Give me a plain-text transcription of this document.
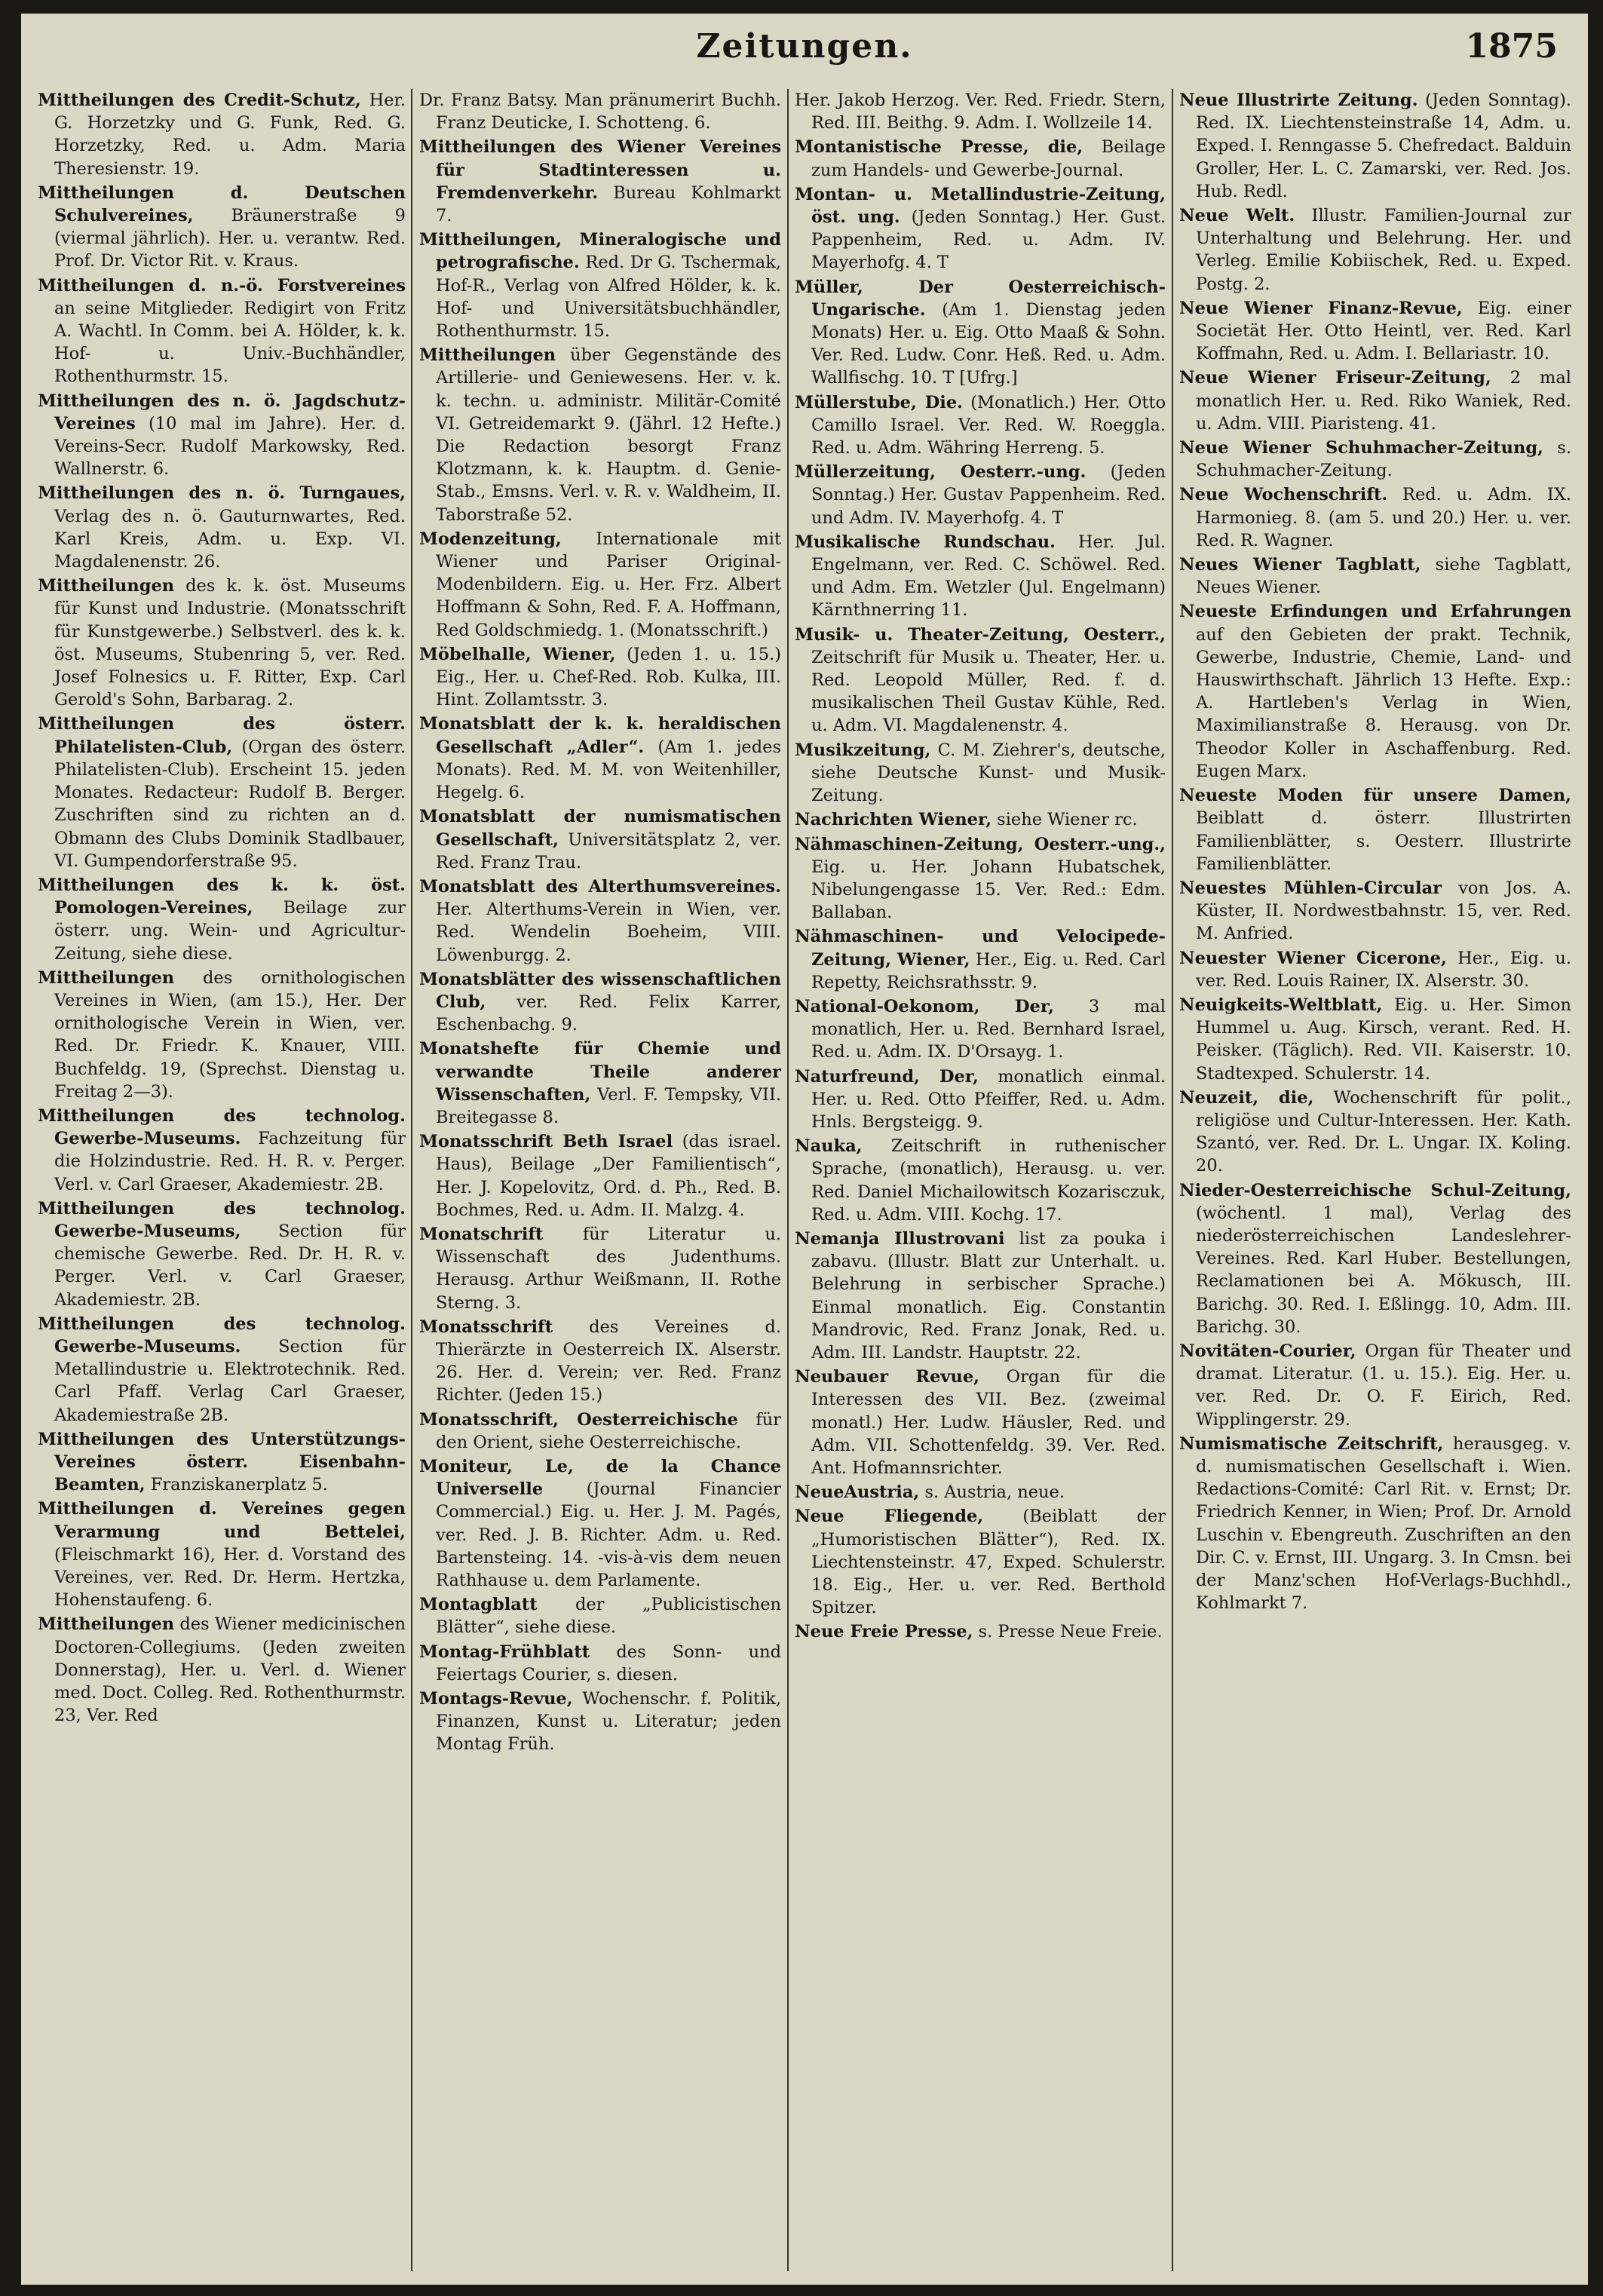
Zeitungen.	1875

Mittheilungen des Credit-Schutz, Her. G. Horzetzky und G. Funk, Red. G. Horzetzky, Red. u. Adm. Maria Theresienstr. 19.

Mittheilungen d. Deutschen Schulvereines, Bräunerstraße 9 (viermal jährlich). Her. u. verantw. Red. Prof. Dr. Victor Rit. v. Kraus.

Mittheilungen d. n.-ö. Forstvereines an seine Mitglieder. Redigirt von Fritz A. Wachtl. In Comm. bei A. Hölder, k. k. Hof- u. Univ.-Buchhändler, Rothenthurmstr. 15.

Mittheilungen des n. ö. Jagdschutz-Vereines (10 mal im Jahre). Her. d. Vereins-Secr. Rudolf Markowsky, Red. Wallnerstr. 6.

Mittheilungen des n. ö. Turngaues, Verlag des n. ö. Gauturnwartes, Red. Karl Kreis, Adm. u. Exp. VI. Magdalenenstr. 26.

Mittheilungen des k. k. öst. Museums für Kunst und Industrie. (Monatsschrift für Kunstgewerbe.) Selbstverl. des k. k. öst. Museums, Stubenring 5, ver. Red. Josef Folnesics u. F. Ritter, Exp. Carl Gerold's Sohn, Barbarag. 2.

Mittheilungen des österr. Philatelisten-Club, (Organ des österr. Philatelisten-Club). Erscheint 15. jeden Monates. Redacteur: Rudolf B. Berger. Zuschriften sind zu richten an d. Obmann des Clubs Dominik Stadlbauer, VI. Gumpendorferstraße 95.

Mittheilungen des k. k. öst. Pomologen-Vereines, Beilage zur österr. ung. Wein- und Agricultur-Zeitung, siehe diese.

Mittheilungen des ornithologischen Vereines in Wien, (am 15.), Her. Der ornithologische Verein in Wien, ver. Red. Dr. Friedr. K. Knauer, VIII. Buchfeldg. 19, (Sprechst. Dienstag u. Freitag 2—3).

Mittheilungen des technolog. Gewerbe-Museums. Fachzeitung für die Holzindustrie. Red. H. R. v. Perger. Verl. v. Carl Graeser, Akademiestr. 2B.

Mittheilungen des technolog. Gewerbe-Museums, Section für chemische Gewerbe. Red. Dr. H. R. v. Perger. Verl. v. Carl Graeser, Akademiestr. 2B.

Mittheilungen des technolog. Gewerbe-Museums. Section für Metallindustrie u. Elektrotechnik. Red. Carl Pfaff. Verlag Carl Graeser, Akademiestraße 2B.

Mittheilungen des Unterstützungs-Vereines österr. Eisenbahn-Beamten, Franziskanerplatz 5.

Mittheilungen d. Vereines gegen Verarmung und Bettelei, (Fleischmarkt 16), Her. d. Vorstand des Vereines, ver. Red. Dr. Herm. Hertzka, Hohenstaufeng. 6.

Mittheilungen des Wiener medicinischen Doctoren-Collegiums. (Jeden zweiten Donnerstag), Her. u. Verl. d. Wiener med. Doct. Colleg. Red. Rothenthurmstr. 23, Ver. Red

Dr. Franz Batsy. Man pränumerirt Buchh. Franz Deuticke, I. Schotteng. 6.

Mittheilungen des Wiener Vereines für Stadtinteressen u. Fremdenverkehr. Bureau Kohlmarkt 7.

Mittheilungen, Mineralogische und petrografische. Red. Dr G. Tschermak, Hof-R., Verlag von Alfred Hölder, k. k. Hof- und Universitätsbuchhändler, Rothenthurmstr. 15.

Mittheilungen über Gegenstände des Artillerie- und Geniewesens. Her. v. k. k. techn. u. administr. Militär-Comité VI. Getreidemarkt 9. (Jährl. 12 Hefte.) Die Redaction besorgt Franz Klotzmann, k. k. Hauptm. d. Genie-Stab., Emsns. Verl. v. R. v. Waldheim, II. Taborstraße 52.

Modenzeitung, Internationale mit Wiener und Pariser Original-Modenbildern. Eig. u. Her. Frz. Albert Hoffmann & Sohn, Red. F. A. Hoffmann, Red Goldschmiedg. 1. (Monatsschrift.)

Möbelhalle, Wiener, (Jeden 1. u. 15.) Eig., Her. u. Chef-Red. Rob. Kulka, III. Hint. Zollamtsstr. 3.

Monatsblatt der k. k. heraldischen Gesellschaft „Adler“. (Am 1. jedes Monats). Red. M. M. von Weitenhiller, Hegelg. 6.

Monatsblatt der numismatischen Gesellschaft, Universitätsplatz 2, ver. Red. Franz Trau.

Monatsblatt des Alterthumsvereines. Her. Alterthums-Verein in Wien, ver. Red. Wendelin Boeheim, VIII. Löwenburgg. 2.

Monatsblätter des wissenschaftlichen Club, ver. Red. Felix Karrer, Eschenbachg. 9.

Monatshefte für Chemie und verwandte Theile anderer Wissenschaften, Verl. F. Tempsky, VII. Breitegasse 8.

Monatsschrift Beth Israel (das israel. Haus), Beilage „Der Familientisch“, Her. J. Kopelovitz, Ord. d. Ph., Red. B. Bochmes, Red. u. Adm. II. Malzg. 4.

Monatschrift für Literatur u. Wissenschaft des Judenthums. Herausg. Arthur Weißmann, II. Rothe Sterng. 3.

Monatsschrift des Vereines d. Thierärzte in Oesterreich IX. Alserstr. 26. Her. d. Verein; ver. Red. Franz Richter. (Jeden 15.)

Monatsschrift, Oesterreichische für den Orient, siehe Oesterreichische.

Moniteur, Le, de la Chance Universelle (Journal Financier Commercial.) Eig. u. Her. J. M. Pagés, ver. Red. J. B. Richter. Adm. u. Red. Bartensteing. 14. -vis-à-vis dem neuen Rathhause u. dem Parlamente.

Montagblatt der „Publicistischen Blätter“, siehe diese.

Montag-Frühblatt des Sonn- und Feiertags Courier, s. diesen.

Montags-Revue, Wochenschr. f. Politik, Finanzen, Kunst u. Literatur; jeden Montag Früh.

Her. Jakob Herzog. Ver. Red. Friedr. Stern, Red. III. Beithg. 9. Adm. I. Wollzeile 14.

Montanistische Presse, die, Beilage zum Handels- und Gewerbe-Journal.

Montan- u. Metallindustrie-Zeitung, öst. ung. (Jeden Sonntag.) Her. Gust. Pappenheim, Red. u. Adm. IV. Mayerhofg. 4. T

Müller, Der Oesterreichisch-Ungarische. (Am 1. Dienstag jeden Monats) Her. u. Eig. Otto Maaß & Sohn. Ver. Red. Ludw. Conr. Heß. Red. u. Adm. Wallfischg. 10. T [Ufrg.]

Müllerstube, Die. (Monatlich.) Her. Otto Camillo Israel. Ver. Red. W. Roeggla. Red. u. Adm. Währing Herreng. 5.

Müllerzeitung, Oesterr.-ung. (Jeden Sonntag.) Her. Gustav Pappenheim. Red. und Adm. IV. Mayerhofg. 4. T

Musikalische Rundschau. Her. Jul. Engelmann, ver. Red. C. Schöwel. Red. und Adm. Em. Wetzler (Jul. Engelmann) Kärnthnerring 11.

Musik- u. Theater-Zeitung, Oesterr., Zeitschrift für Musik u. Theater, Her. u. Red. Leopold Müller, Red. f. d. musikalischen Theil Gustav Kühle, Red. u. Adm. VI. Magdalenenstr. 4.

Musikzeitung, C. M. Ziehrer's, deutsche, siehe Deutsche Kunst- und Musik-Zeitung.

Nachrichten Wiener, siehe Wiener rc.

Nähmaschinen-Zeitung, Oesterr.-ung., Eig. u. Her. Johann Hubatschek, Nibelungengasse 15. Ver. Red.: Edm. Ballaban.

Nähmaschinen- und Velocipede-Zeitung, Wiener, Her., Eig. u. Red. Carl Repetty, Reichsrathsstr. 9.

National-Oekonom, Der, 3 mal monatlich, Her. u. Red. Bernhard Israel, Red. u. Adm. IX. D'Orsayg. 1.

Naturfreund, Der, monatlich einmal. Her. u. Red. Otto Pfeiffer, Red. u. Adm. Hnls. Bergsteigg. 9.

Nauka, Zeitschrift in ruthenischer Sprache, (monatlich), Herausg. u. ver. Red. Daniel Michailowitsch Kozarisczuk, Red. u. Adm. VIII. Kochg. 17.

Nemanja Illustrovani list za pouka i zabavu. (Illustr. Blatt zur Unterhalt. u. Belehrung in serbischer Sprache.) Einmal monatlich. Eig. Constantin Mandrovic, Red. Franz Jonak, Red. u. Adm. III. Landstr. Hauptstr. 22.

Neubauer Revue, Organ für die Interessen des VII. Bez. (zweimal monatl.) Her. Ludw. Häusler, Red. und Adm. VII. Schottenfeldg. 39. Ver. Red. Ant. Hofmannsrichter.

NeueAustria, s. Austria, neue.

Neue Fliegende, (Beiblatt der „Humoristischen Blätter“), Red. IX. Liechtensteinstr. 47, Exped. Schulerstr. 18. Eig., Her. u. ver. Red. Berthold Spitzer.

Neue Freie Presse, s. Presse Neue Freie.

Neue Illustrirte Zeitung. (Jeden Sonntag). Red. IX. Liechtensteinstraße 14, Adm. u. Exped. I. Renngasse 5. Chefredact. Balduin Groller, Her. L. C. Zamarski, ver. Red. Jos. Hub. Redl.

Neue Welt. Illustr. Familien-Journal zur Unterhaltung und Belehrung. Her. und Verleg. Emilie Kobiischek, Red. u. Exped. Postg. 2.

Neue Wiener Finanz-Revue, Eig. einer Societät Her. Otto Heintl, ver. Red. Karl Koffmahn, Red. u. Adm. I. Bellariastr. 10.

Neue Wiener Friseur-Zeitung, 2 mal monatlich Her. u. Red. Riko Waniek, Red. u. Adm. VIII. Piaristeng. 41.

Neue Wiener Schuhmacher-Zeitung, s. Schuhmacher-Zeitung.

Neue Wochenschrift. Red. u. Adm. IX. Harmonieg. 8. (am 5. und 20.) Her. u. ver. Red. R. Wagner.

Neues Wiener Tagblatt, siehe Tagblatt, Neues Wiener.

Neueste Erfindungen und Erfahrungen auf den Gebieten der prakt. Technik, Gewerbe, Industrie, Chemie, Land- und Hauswirthschaft. Jährlich 13 Hefte. Exp.: A. Hartleben's Verlag in Wien, Maximilianstraße 8. Herausg. von Dr. Theodor Koller in Aschaffenburg. Red. Eugen Marx.

Neueste Moden für unsere Damen, Beiblatt d. österr. Illustrirten Familienblätter, s. Oesterr. Illustrirte Familienblätter.

Neuestes Mühlen-Circular von Jos. A. Küster, II. Nordwestbahnstr. 15, ver. Red. M. Anfried.

Neuester Wiener Cicerone, Her., Eig. u. ver. Red. Louis Rainer, IX. Alserstr. 30.

Neuigkeits-Weltblatt, Eig. u. Her. Simon Hummel u. Aug. Kirsch, verant. Red. H. Peisker. (Täglich). Red. VII. Kaiserstr. 10. Stadtexped. Schulerstr. 14.

Neuzeit, die, Wochenschrift für polit., religiöse und Cultur-Interessen. Her. Kath. Szantó, ver. Red. Dr. L. Ungar. IX. Koling. 20.

Nieder-Oesterreichische Schul-Zeitung, (wöchentl. 1 mal), Verlag des niederösterreichischen Landeslehrer-Vereines. Red. Karl Huber. Bestellungen, Reclamationen bei A. Mökusch, III. Barichg. 30. Red. I. Eßlingg. 10, Adm. III. Barichg. 30.

Novitäten-Courier, Organ für Theater und dramat. Literatur. (1. u. 15.). Eig. Her. u. ver. Red. Dr. O. F. Eirich, Red. Wipplingerstr. 29.

Numismatische Zeitschrift, herausgeg. v. d. numismatischen Gesellschaft i. Wien. Redactions-Comité: Carl Rit. v. Ernst; Dr. Friedrich Kenner, in Wien; Prof. Dr. Arnold Luschin v. Ebengreuth. Zuschriften an den Dir. C. v. Ernst, III. Ungarg. 3. In Cmsn. bei der Manz'schen Hof-Verlags-Buchhdl., Kohlmarkt 7.
